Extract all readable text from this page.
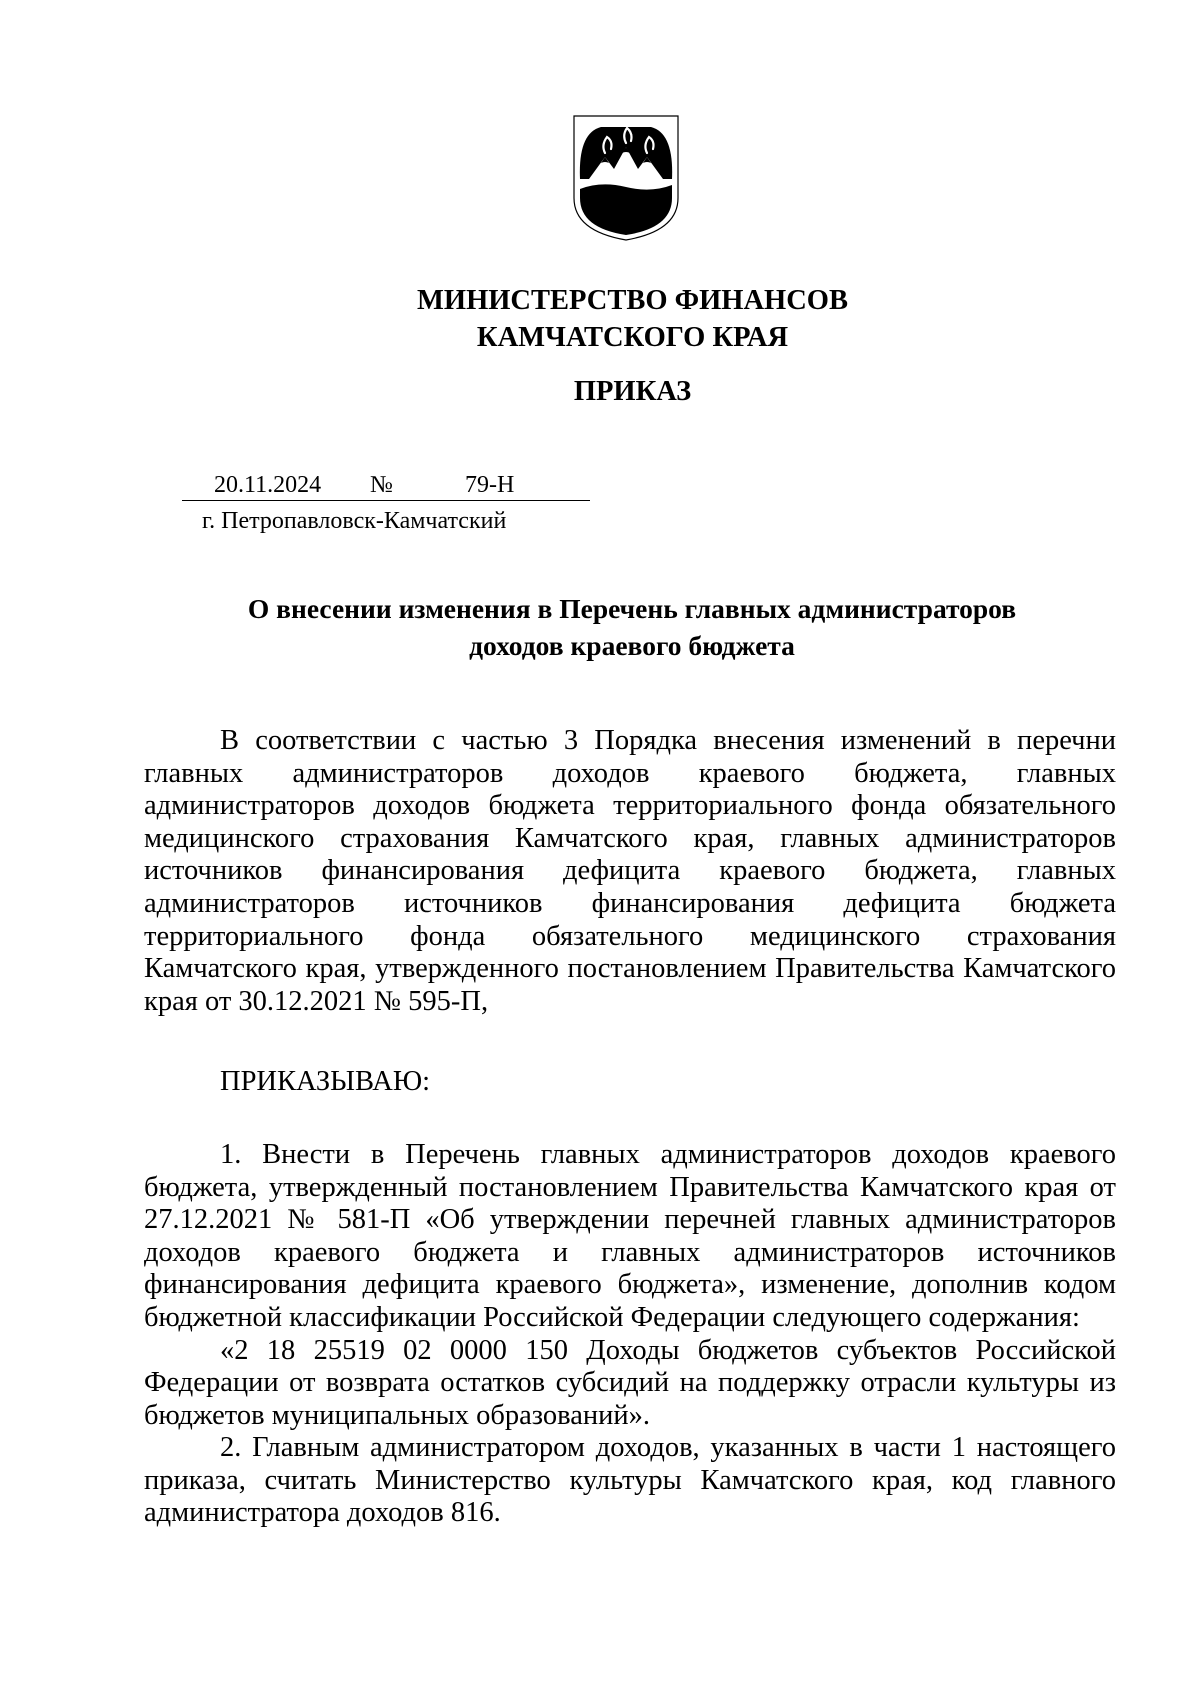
МИНИСТЕРСТВО ФИНАНСОВ
КАМЧАТСКОГО КРАЯ
ПРИКАЗ
20.11.2024 №	79-Н
г. Петропавловск-Камчатский
О внесении изменения в Перечень главных администраторов
доходов краевого бюджета

В соответствии с частью 3 Порядка внесения изменений в перечни главных администраторов доходов краевого бюджета, главных администраторов доходов бюджета территориального фонда обязательного медицинского страхования Камчатского края, главных администраторов источников финансирования дефицита краевого бюджета, главных администраторов источников финансирования дефицита бюджета территориального фонда обязательного медицинского страхования Камчатского края, утвержденного постановлением Правительства Камчатского края от 30.12.2021 № 595-П,

ПРИКАЗЫВАЮ:

1. Внести в Перечень главных администраторов доходов краевого бюджета, утвержденный постановлением Правительства Камчатского края от 27.12.2021 № 581-П «Об утверждении перечней главных администраторов доходов краевого бюджета и главных администраторов источников финансирования дефицита краевого бюджета», изменение, дополнив кодом бюджетной классификации Российской Федерации следующего содержания:

«2 18 25519 02 0000 150 Доходы бюджетов субъектов Российской Федерации от возврата остатков субсидий на поддержку отрасли культуры из бюджетов муниципальных образований».

2. Главным администратором доходов, указанных в части 1 настоящего приказа, считать Министерство культуры Камчатского края, код главного администратора доходов 816.
